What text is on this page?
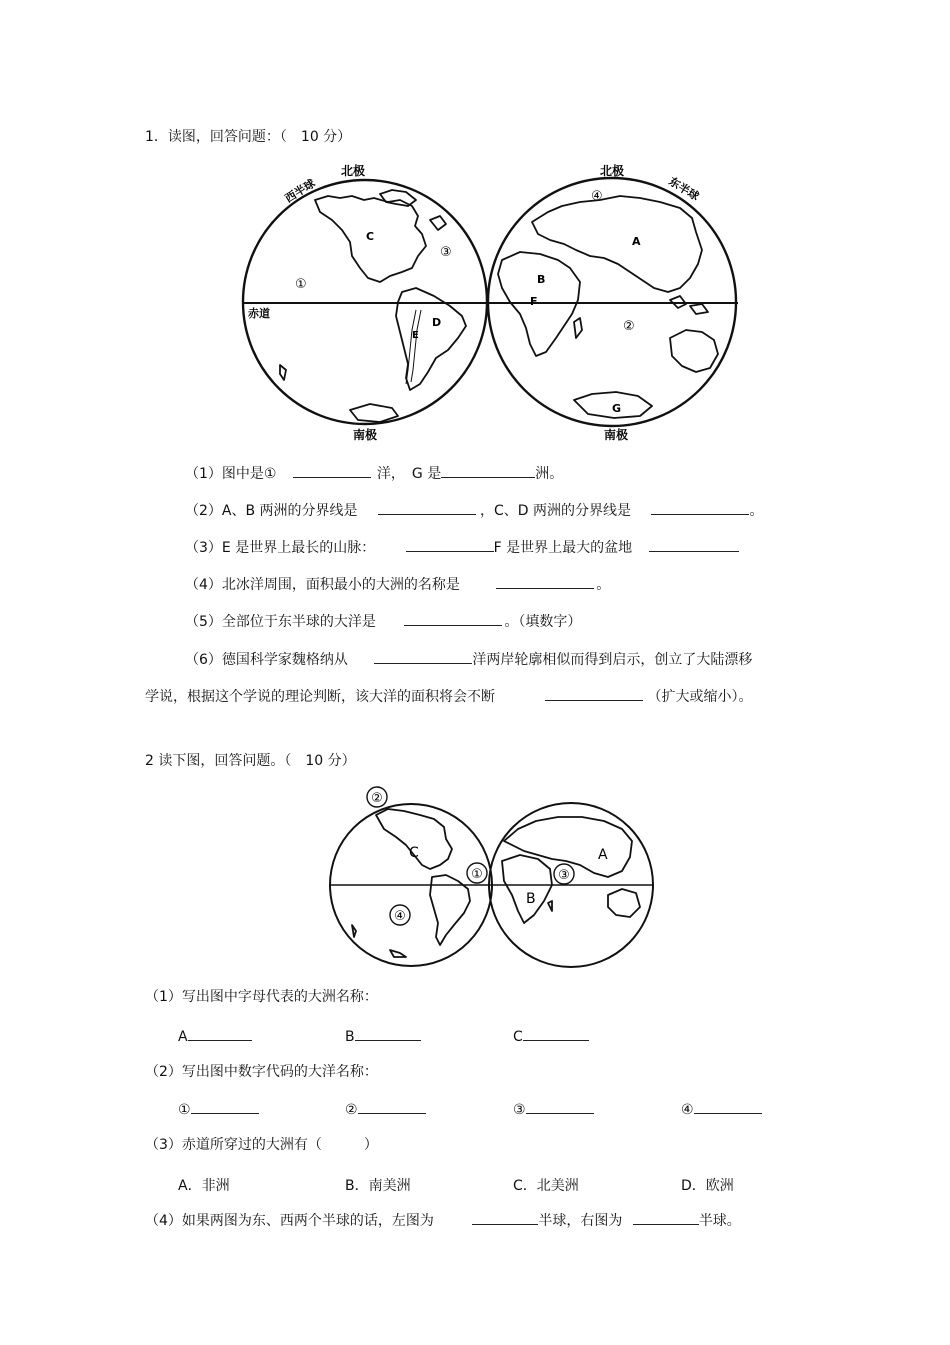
1．读图，回答问题：（　10 分）
北极	北极
南极	南极
西半球	东半球
赤道
A
B
C
D
E
F
G
①
②
③
④
（1）图中是①	洋，　G 是	洲。
（2）A、B 两洲的分界线是	，C、D 两洲的分界线是	。
（3）E 是世界上最长的山脉：	F 是世界上最大的盆地
（4）北冰洋周围，面积最小的大洲的名称是	。
（5）全部位于东半球的大洋是	。（填数字）
（6）德国科学家魏格纳从	洋两岸轮廓相似而得到启示，创立了大陆漂移
学说，根据这个学说的理论判断，该大洋的面积将会不断	（扩大或缩小）。
2 读下图，回答问题。（　10 分）
②
①	③
④
A
B
C
（1）写出图中字母代表的大洲名称：
A	B	C
（2）写出图中数字代码的大洋名称：
①	②	③	④
（3）赤道所穿过的大洲有（　　　）
A．非洲	B．南美洲	C．北美洲	D．欧洲
（4）如果两图为东、西两个半球的话，左图为	半球，右图为	半球。
